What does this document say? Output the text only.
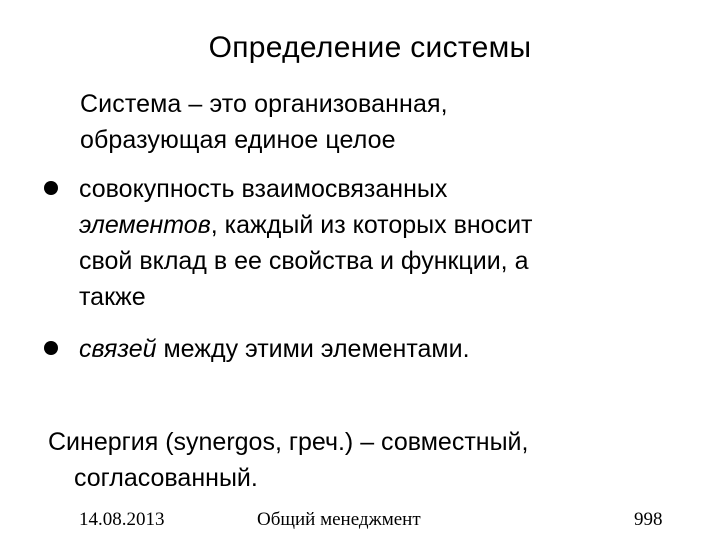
Определение системы
Система – это организованная,
образующая единое целое
совокупность взаимосвязанных
элементов, каждый из которых вносит
свой вклад в ее свойства и функции, а
также
связей между этими элементами.
Синергия (synergos, греч.) – совместный,
согласованный.
14.08.2013	Общий менеджмент	998
